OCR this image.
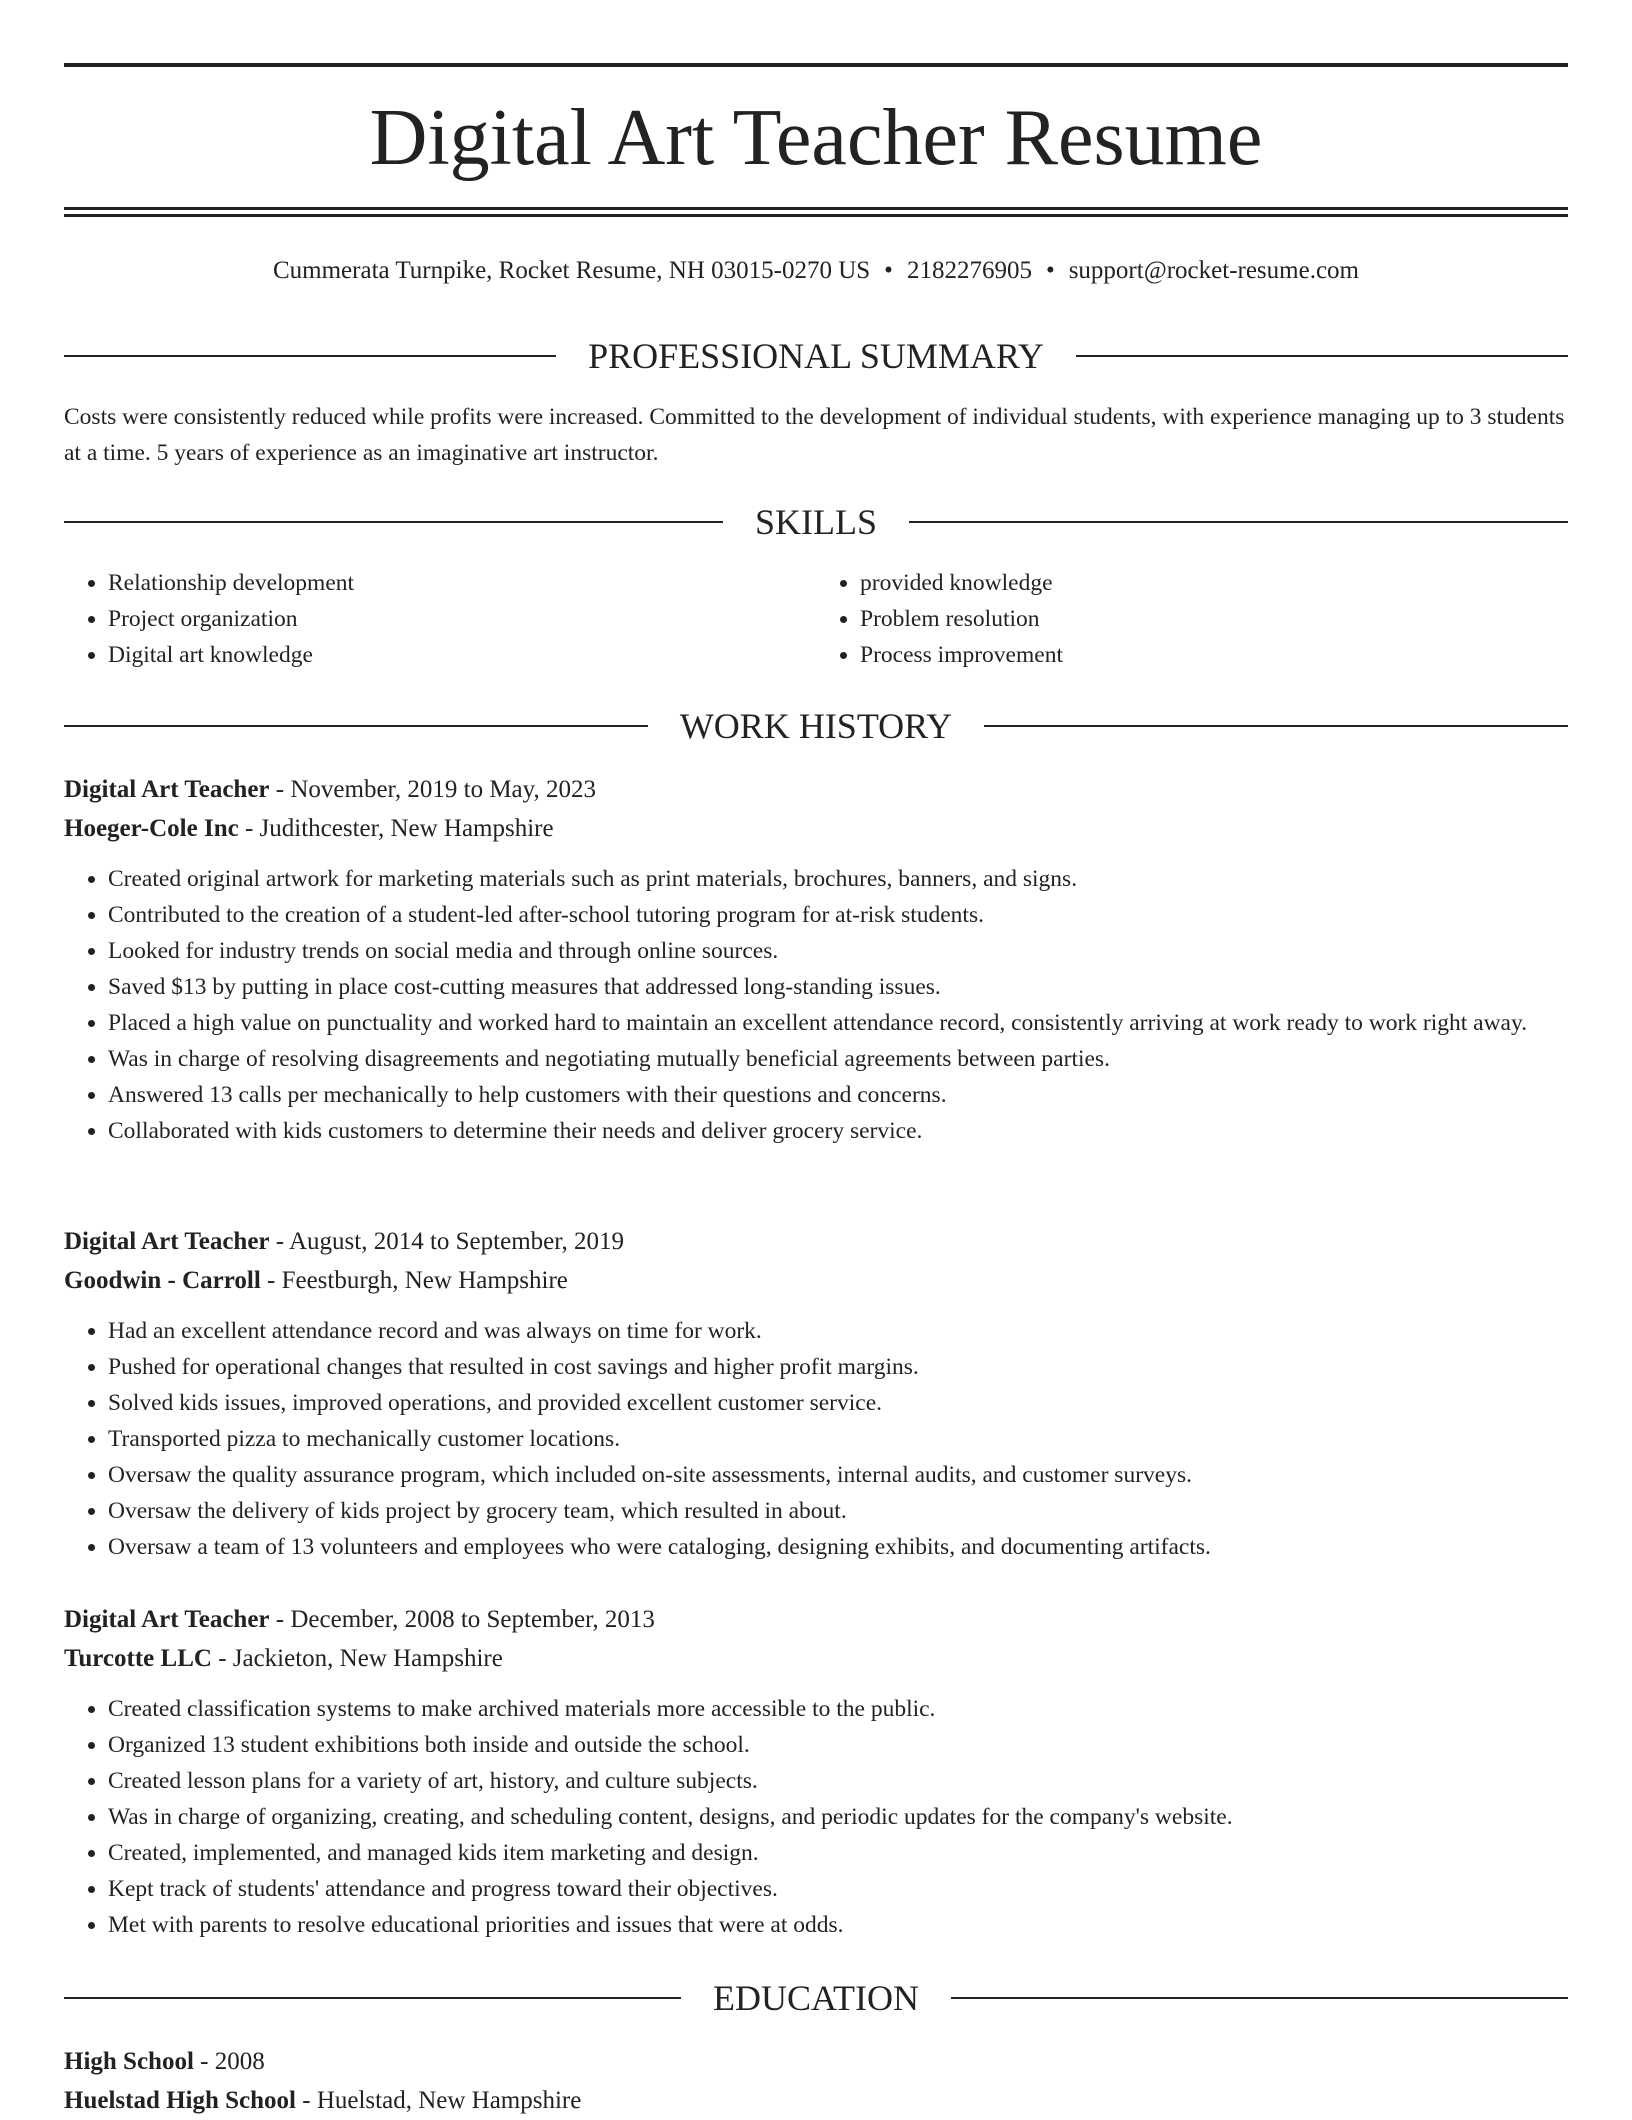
Digital Art Teacher Resume
Cummerata Turnpike, Rocket Resume, NH 03015-0270 US • 2182276905 • support@rocket-resume.com
PROFESSIONAL SUMMARY
Costs were consistently reduced while profits were increased. Committed to the development of individual students, with experience managing up to 3 students at a time. 5 years of experience as an imaginative art instructor.
SKILLS
• Relationship development
• Project organization
• Digital art knowledge
• provided knowledge
• Problem resolution
• Process improvement
WORK HISTORY
Digital Art Teacher - November, 2019 to May, 2023
Hoeger-Cole Inc - Judithcester, New Hampshire
• Created original artwork for marketing materials such as print materials, brochures, banners, and signs.
• Contributed to the creation of a student-led after-school tutoring program for at-risk students.
• Looked for industry trends on social media and through online sources.
• Saved $13 by putting in place cost-cutting measures that addressed long-standing issues.
• Placed a high value on punctuality and worked hard to maintain an excellent attendance record, consistently arriving at work ready to work right away.
• Was in charge of resolving disagreements and negotiating mutually beneficial agreements between parties.
• Answered 13 calls per mechanically to help customers with their questions and concerns.
• Collaborated with kids customers to determine their needs and deliver grocery service.
Digital Art Teacher - August, 2014 to September, 2019
Goodwin - Carroll - Feestburgh, New Hampshire
• Had an excellent attendance record and was always on time for work.
• Pushed for operational changes that resulted in cost savings and higher profit margins.
• Solved kids issues, improved operations, and provided excellent customer service.
• Transported pizza to mechanically customer locations.
• Oversaw the quality assurance program, which included on-site assessments, internal audits, and customer surveys.
• Oversaw the delivery of kids project by grocery team, which resulted in about.
• Oversaw a team of 13 volunteers and employees who were cataloging, designing exhibits, and documenting artifacts.
Digital Art Teacher - December, 2008 to September, 2013
Turcotte LLC - Jackieton, New Hampshire
• Created classification systems to make archived materials more accessible to the public.
• Organized 13 student exhibitions both inside and outside the school.
• Created lesson plans for a variety of art, history, and culture subjects.
• Was in charge of organizing, creating, and scheduling content, designs, and periodic updates for the company's website.
• Created, implemented, and managed kids item marketing and design.
• Kept track of students' attendance and progress toward their objectives.
• Met with parents to resolve educational priorities and issues that were at odds.
EDUCATION
High School - 2008
Huelstad High School - Huelstad, New Hampshire
